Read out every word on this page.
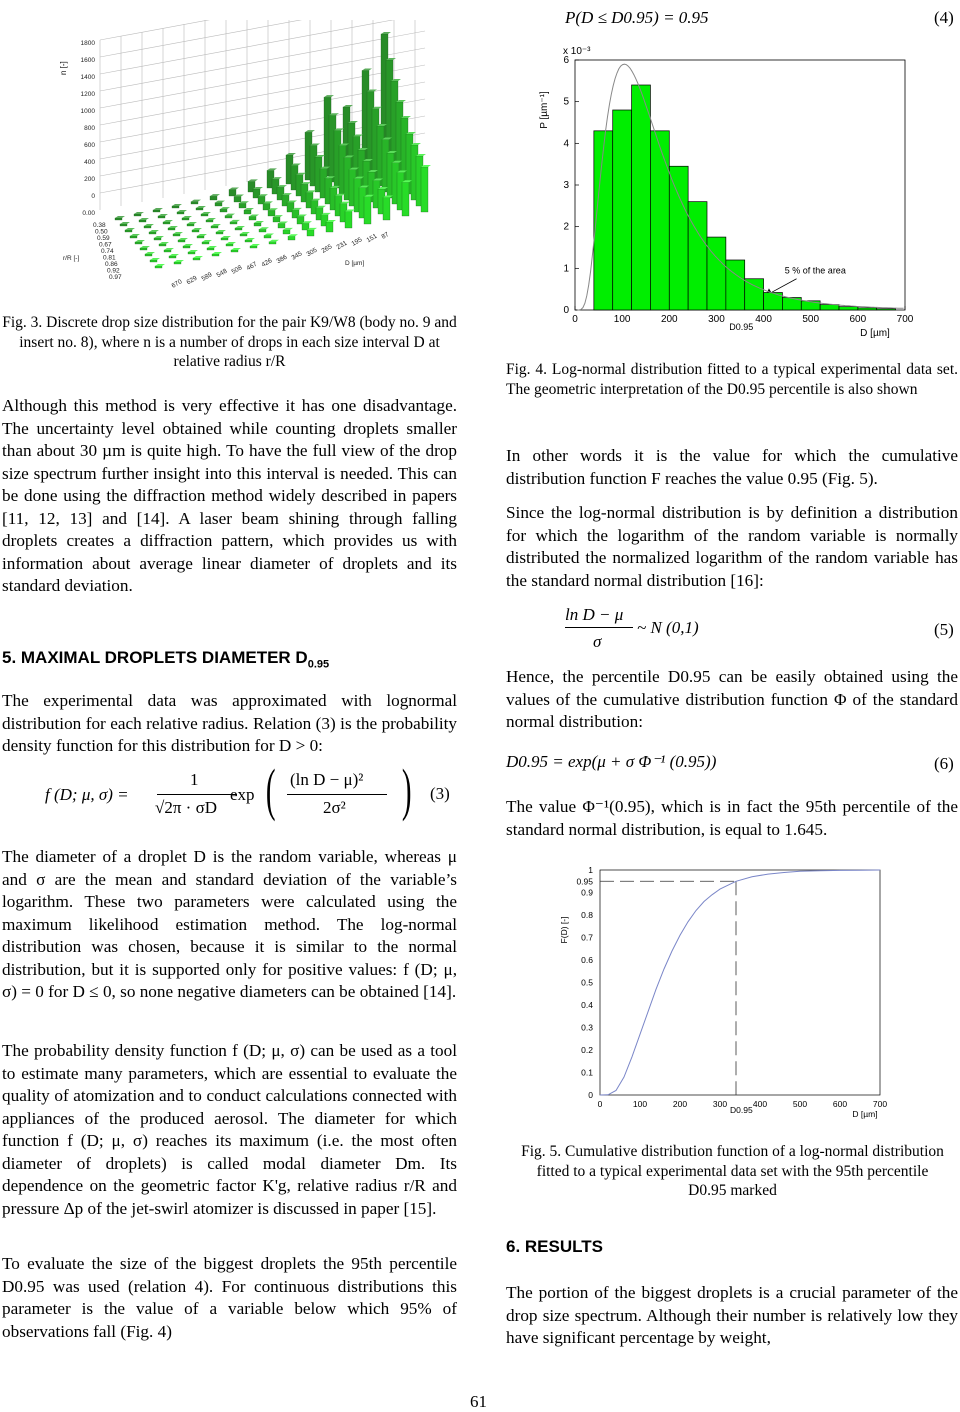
1800
1600
1400
1200
1000
800
600
400
200
0
0.00
0.38
0.50
0.59
0.67
0.74
0.81
0.86
0.92
0.97
r/R [-]
670 629 589 548 508 467 426 386 345 305 265 231 195 151 87
D [µm]
n [-]
Fig. 3. Discrete drop size distribution for the pair K9/W8 (body no. 9 and insert no. 8), where n is a number of drops in each size interval D at relative radius r/R
Although this method is very effective it has one disadvantage. The uncertainty level obtained while counting droplets smaller than about 30 µm is quite high. To have the full view of the drop size spectrum further insight into this interval is needed. This can be done using the diffraction method widely described in papers [11, 12, 13] and [14]. A laser beam shining through falling droplets creates a diffraction pattern, which provides us with information about average linear diameter of droplets and its standard deviation.
5. MAXIMAL DROPLETS DIAMETER $D_{0.95}$
The experimental data was approximated with lognormal distribution for each relative radius. Relation (3) is the probability density function for this distribution for D > 0:
f (D; μ, σ) =
1
√2π · σD
exp ( (ln D − μ)²
2σ² ) (3)
The diameter of a droplet D is the random variable, whereas μ and σ are the mean and standard deviation of the variable’s logarithm. These two parameters were calculated using the maximum likelihood estimation method. The log-normal distribution was chosen, because it is similar to the normal distribution, but it is supported only for positive values: f (D; μ, σ) = 0 for D ≤ 0, so none negative diameters can be obtained [14].
The probability density function f (D; μ, σ) can be used as a tool to estimate many parameters, which are essential to evaluate the quality of atomization and to conduct calculations connected with appliances of the produced aerosol. The diameter for which function f (D; μ, σ) reaches its maximum (i.e. the most often diameter of droplets) is called modal diameter Dm. Its dependence on the geometric factor K'g, relative radius r/R and pressure Δp of the jet-swirl atomizer is discussed in paper [15].
To evaluate the size of the biggest droplets the 95th percentile D0.95 was used (relation 4). For continuous distributions this parameter is the value of a variable below which 95% of observations fall (Fig. 4)
P(D ≤ D0.95) = 0.95	(4)
0	100	200	300	400	500	600	700
0
1
2
3
4
5
6
x 10⁻³
P [µm⁻¹]
D [µm]
D0.95
5 % of the area
Fig. 4. Log-normal distribution fitted to a typical experimental data set. The geometric interpretation of the D0.95 percentile is also shown
In other words it is the value for which the cumulative distribution function F reaches the value 0.95 (Fig. 5).
Since the log-normal distribution is by definition a distribution for which the logarithm of the random variable is normally distributed the normalized logarithm of the random variable has the standard normal distribution [16]:
ln D − μ
σ
~ N (0,1)	(5)
Hence, the percentile D0.95 can be easily obtained using the values of the cumulative distribution function Φ of the standard normal distribution:
D0.95 = exp(μ + σ Φ⁻¹ (0.95))	(6)
The value Φ⁻¹(0.95), which is in fact the 95th percentile of the standard normal distribution, is equal to 1.645.
0	100	200	300	400	500	600	700
0
0.1
0.2
0.3
0.4
0.5
0.6
0.7
0.8
0.9
0.95
1
F(D) [-]
D [µm]
D0.95
Fig. 5. Cumulative distribution function of a log-normal distribution fitted to a typical experimental data set with the 95th percentile D0.95 marked
6. RESULTS
The portion of the biggest droplets is a crucial parameter of the drop size spectrum. Although their number is relatively low they have significant percentage by weight,
61
